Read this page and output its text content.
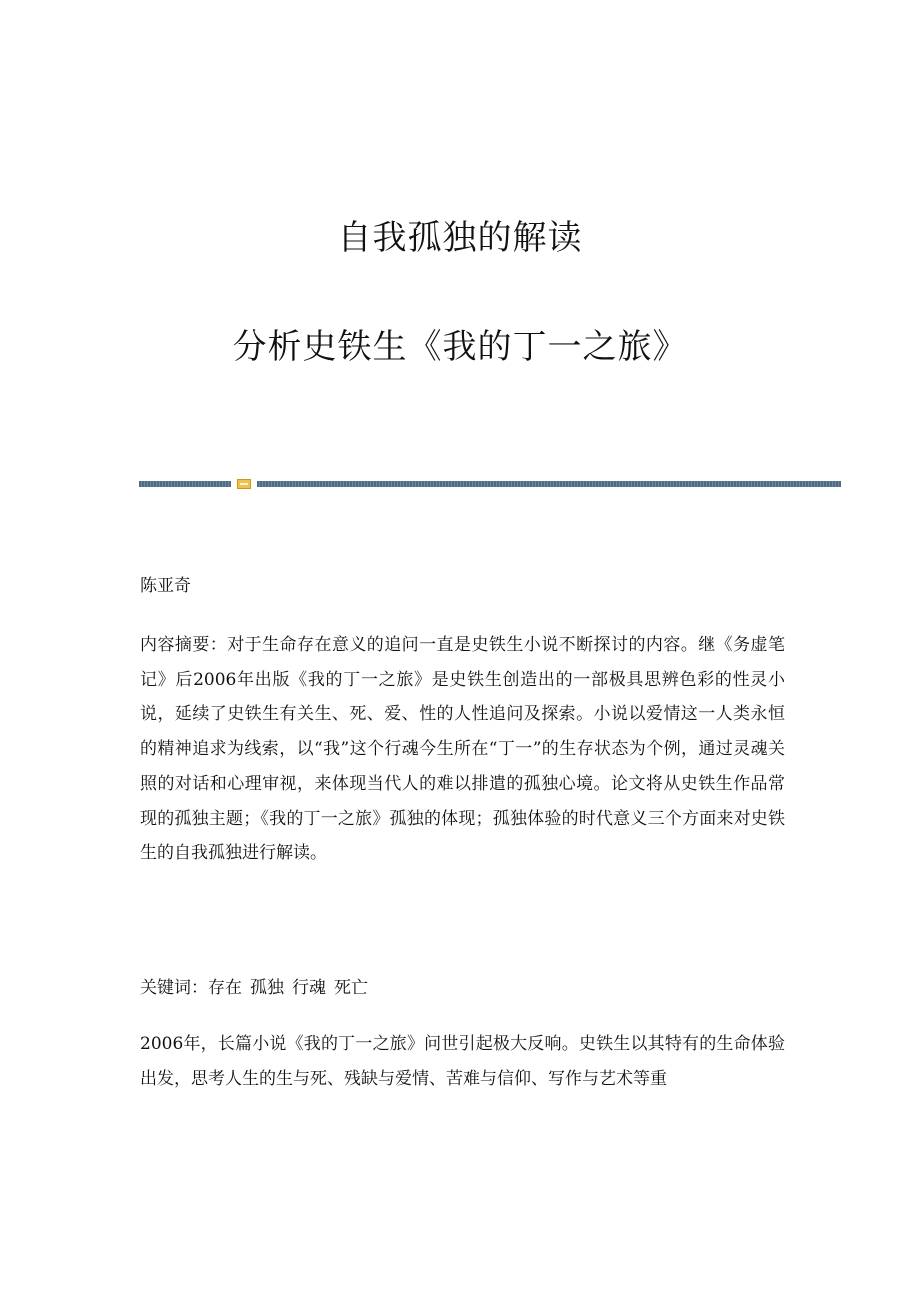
自我孤独的解读
分析史铁生《我的丁一之旅》
陈亚奇
内容摘要：对于生命存在意义的追问一直是史铁生小说不断探讨的内容。继《务虚笔记》后2006年出版《我的丁一之旅》是史铁生创造出的一部极具思辨色彩的性灵小说，延续了史铁生有关生、死、爱、性的人性追问及探索。小说以爱情这一人类永恒的精神追求为线索，以“我”这个行魂今生所在“丁一”的生存状态为个例，通过灵魂关照的对话和心理审视，来体现当代人的难以排遣的孤独心境。论文将从史铁生作品常现的孤独主题；《我的丁一之旅》孤独的体现；孤独体验的时代意义三个方面来对史铁生的自我孤独进行解读。
关键词：存在 孤独 行魂 死亡
2006年，长篇小说《我的丁一之旅》问世引起极大反响。史铁生以其特有的生命体验出发，思考人生的生与死、残缺与爱情、苦难与信仰、写作与艺术等重
